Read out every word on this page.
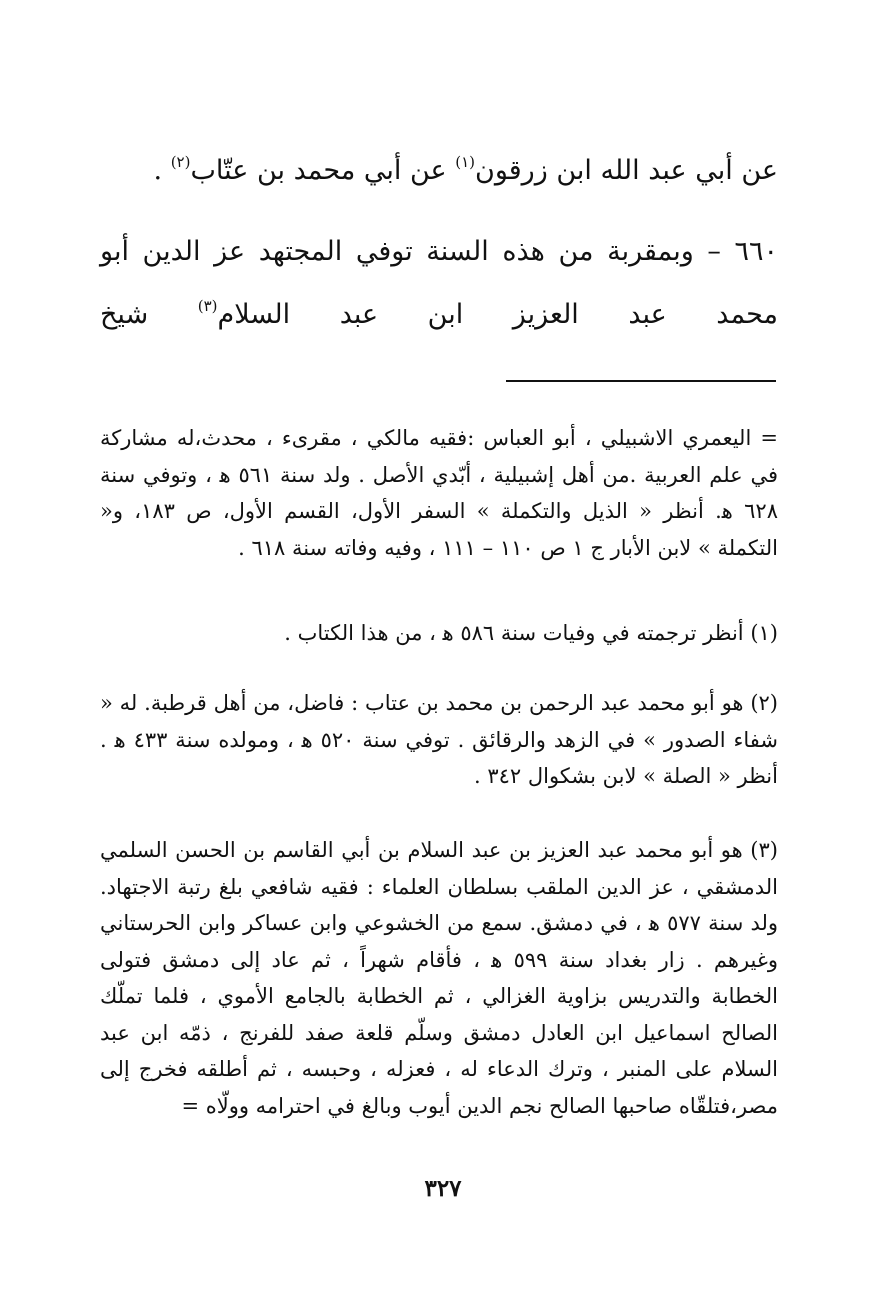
عن أبي عبد الله ابن زرقون$^{(١)}$ عن أبي محمد بن عتّاب$^{(٢)}$ .
٦٦٠ – وبمقربة من هذه السنة توفي المجتهد عز الدين أبو محمد عبد العزيز ابن عبد السلام$^{(٣)}$ شيخ
= اليعمري الاشبيلي ، أبو العباس :فقيه مالكي ، مقرىء ، محدث،له مشاركة في علم العربية .من أهل إشبيلية ، أبّدي الأصل . ولد سنة ٥٦١ ﻫ ، وتوفي سنة ٦٢٨ ﻫ. أنظر « الذيل والتكملة » السفر الأول، القسم الأول، ص ١٨٣، و« التكملة » لابن الأبار ج ١ ص ١١٠ – ١١١ ، وفيه وفاته سنة ٦١٨ .
(١) أنظر ترجمته في وفيات سنة ٥٨٦ ﻫ ، من هذا الكتاب .
(٢) هو أبو محمد عبد الرحمن بن محمد بن عتاب : فاضل، من أهل قرطبة. له « شفاء الصدور » في الزهد والرقائق . توفي سنة ٥٢٠ ﻫ ، ومولده سنة ٤٣٣ ﻫ . أنظر « الصلة » لابن بشكوال ٣٤٢ .
(٣) هو أبو محمد عبد العزيز بن عبد السلام بن أبي القاسم بن الحسن السلمي الدمشقي ، عز الدين الملقب بسلطان العلماء : فقيه شافعي بلغ رتبة الاجتهاد. ولد سنة ٥٧٧ ﻫ ، في دمشق. سمع من الخشوعي وابن عساكر وابن الحرستاني وغيرهم . زار بغداد سنة ٥٩٩ ﻫ ، فأقام شهراً ، ثم عاد إلى دمشق فتولى الخطابة والتدريس بزاوية الغزالي ، ثم الخطابة بالجامع الأموي ، فلما تملّك الصالح اسماعيل ابن العادل دمشق وسلّم قلعة صفد للفرنج ، ذمّه ابن عبد السلام على المنبر ، وترك الدعاء له ، فعزله ، وحبسه ، ثم أطلقه فخرج إلى مصر،فتلقّاه صاحبها الصالح نجم الدين أيوب وبالغ في احترامه وولّاه =
٣٢٧
